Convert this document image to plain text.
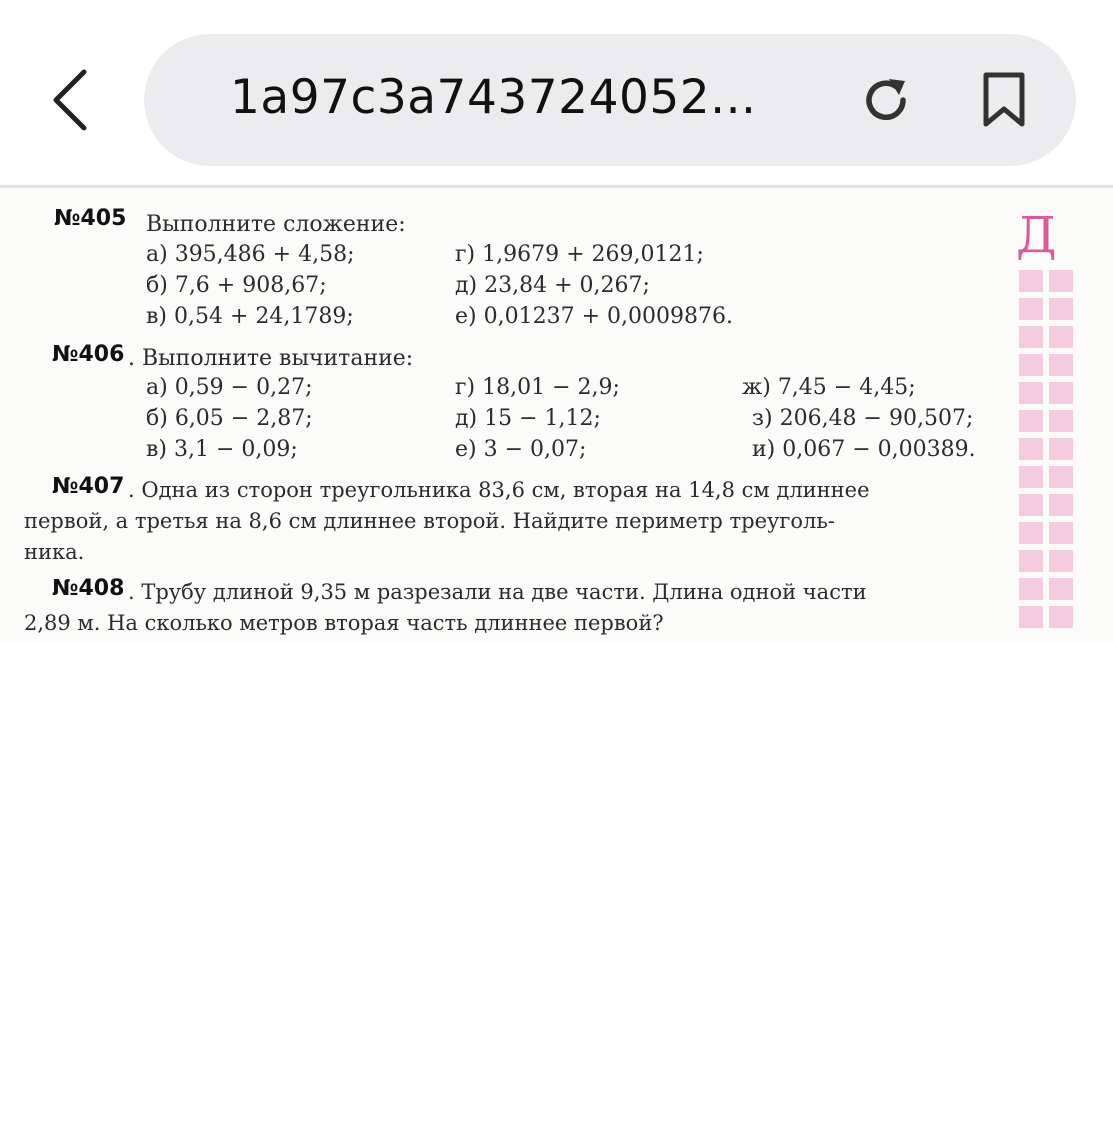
1a97c3a743724052...
Д
№405 Выполните сложение:
а) 395,486 + 4,58;
б) 7,6 + 908,67;
в) 0,54 + 24,1789;
г) 1,9679 + 269,0121;
д) 23,84 + 0,267;
е) 0,01237 + 0,0009876.
№406 . Выполните вычитание:
а) 0,59 − 0,27;
б) 6,05 − 2,87;
в) 3,1 − 0,09;
г) 18,01 − 2,9;
д) 15 − 1,12;
е) 3 − 0,07;
ж) 7,45 − 4,45;
з) 206,48 − 90,507;
и) 0,067 − 0,00389.
№407 . Одна из сторон треугольника 83,6 см, вторая на 14,8 см длиннее
первой, а третья на 8,6 см длиннее второй. Найдите периметр треуголь-
ника.
№408 . Трубу длиной 9,35 м разрезали на две части. Длина одной части
2,89 м. На сколько метров вторая часть длиннее первой?
